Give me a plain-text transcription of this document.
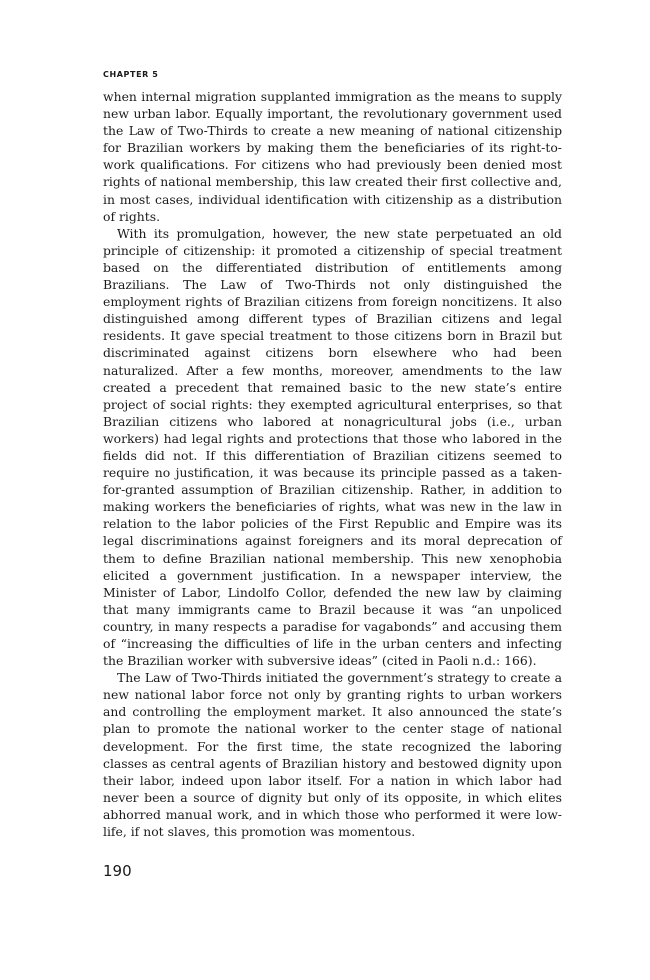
CHAPTER 5

when internal migration supplanted immigration as the means to supply new urban labor. Equally important, the revolutionary government used the Law of Two-Thirds to create a new meaning of national citizenship for Brazilian workers by making them the beneficiaries of its right-to-work qualifications. For citizens who had previously been denied most rights of national membership, this law created their first collective and, in most cases, individual identification with citizenship as a distribution of rights.

With its promulgation, however, the new state perpetuated an old principle of citizenship: it promoted a citizenship of special treatment based on the differentiated distribution of entitlements among Brazilians. The Law of Two-Thirds not only distinguished the employment rights of Brazilian citizens from foreign noncitizens. It also distinguished among different types of Brazilian citizens and legal residents. It gave special treatment to those citizens born in Brazil but discriminated against citizens born elsewhere who had been naturalized. After a few months, moreover, amendments to the law created a precedent that remained basic to the new state’s entire project of social rights: they exempted agricultural enterprises, so that Brazilian citizens who labored at nonagricultural jobs (i.e., urban workers) had legal rights and protections that those who labored in the fields did not. If this differentiation of Brazilian citizens seemed to require no justification, it was because its principle passed as a taken-for-granted assumption of Brazilian citizenship. Rather, in addition to making workers the beneficiaries of rights, what was new in the law in relation to the labor policies of the First Republic and Empire was its legal discriminations against foreigners and its moral deprecation of them to define Brazilian national membership. This new xenophobia elicited a government justification. In a newspaper interview, the Minister of Labor, Lindolfo Collor, defended the new law by claiming that many immigrants came to Brazil because it was “an unpoliced country, in many respects a paradise for vagabonds” and accusing them of “increasing the difficulties of life in the urban centers and infecting the Brazilian worker with subversive ideas” (cited in Paoli n.d.: 166).

The Law of Two-Thirds initiated the government’s strategy to create a new national labor force not only by granting rights to urban workers and controlling the employment market. It also announced the state’s plan to promote the national worker to the center stage of national development. For the first time, the state recognized the laboring classes as central agents of Brazilian history and bestowed dignity upon their labor, indeed upon labor itself. For a nation in which labor had never been a source of dignity but only of its opposite, in which elites abhorred manual work, and in which those who performed it were low-life, if not slaves, this promotion was momentous.

190
